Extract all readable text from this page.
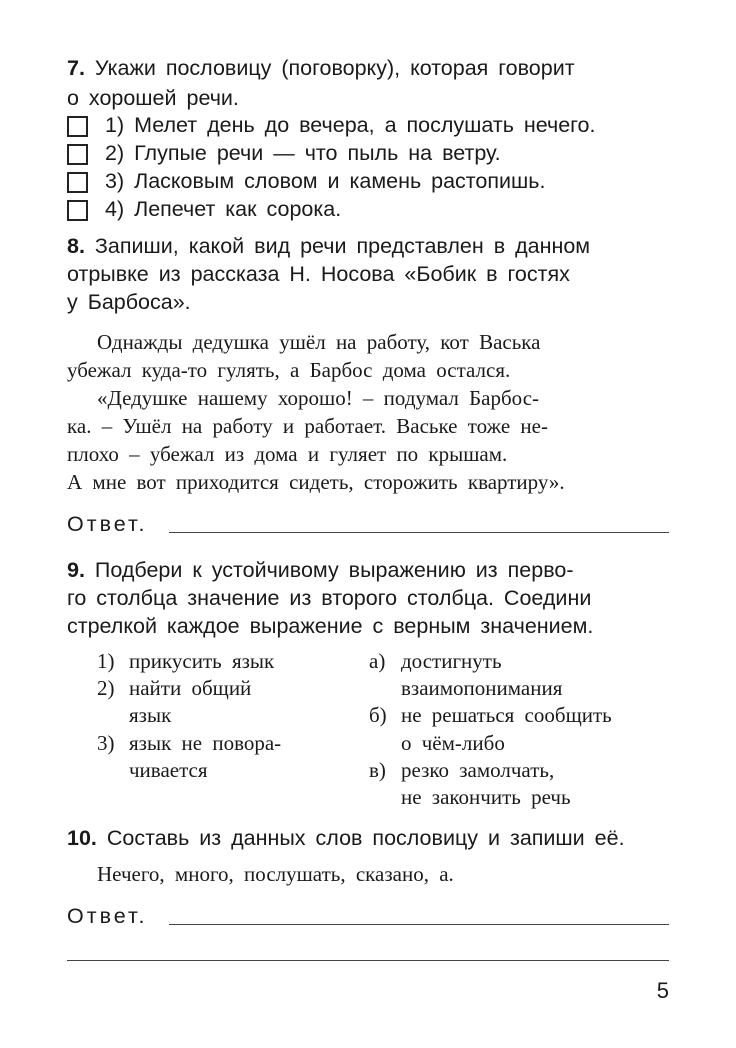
7. Укажи пословицу (поговорку), которая говорит
о хорошей речи.
1) Мелет день до вечера, а послушать нечего.
2) Глупые речи — что пыль на ветру.
3) Ласковым словом и камень растопишь.
4) Лепечет как сорока.
8. Запиши, какой вид речи представлен в данном
отрывке из рассказа Н. Носова «Бобик в гостях
у Барбоса».
Однажды дедушка ушёл на работу, кот Васька
убежал куда-то гулять, а Барбос дома остался.
«Дедушке нашему хорошо! – подумал Барбос-
ка. – Ушёл на работу и работает. Ваське тоже не-
плохо – убежал из дома и гуляет по крышам.
А мне вот приходится сидеть, сторожить квартиру».
Ответ.
9. Подбери к устойчивому выражению из перво-
го столбца значение из второго столбца. Соедини
стрелкой каждое выражение с верным значением.
1) прикусить язык
2) найти общий
язык
3) язык не повора-
чивается
а) достигнуть
взаимопонимания
б) не решаться сообщить
о чём-либо
в) резко замолчать,
не закончить речь
10. Составь из данных слов пословицу и запиши её.
Нечего, много, послушать, сказано, а.
Ответ.
5
